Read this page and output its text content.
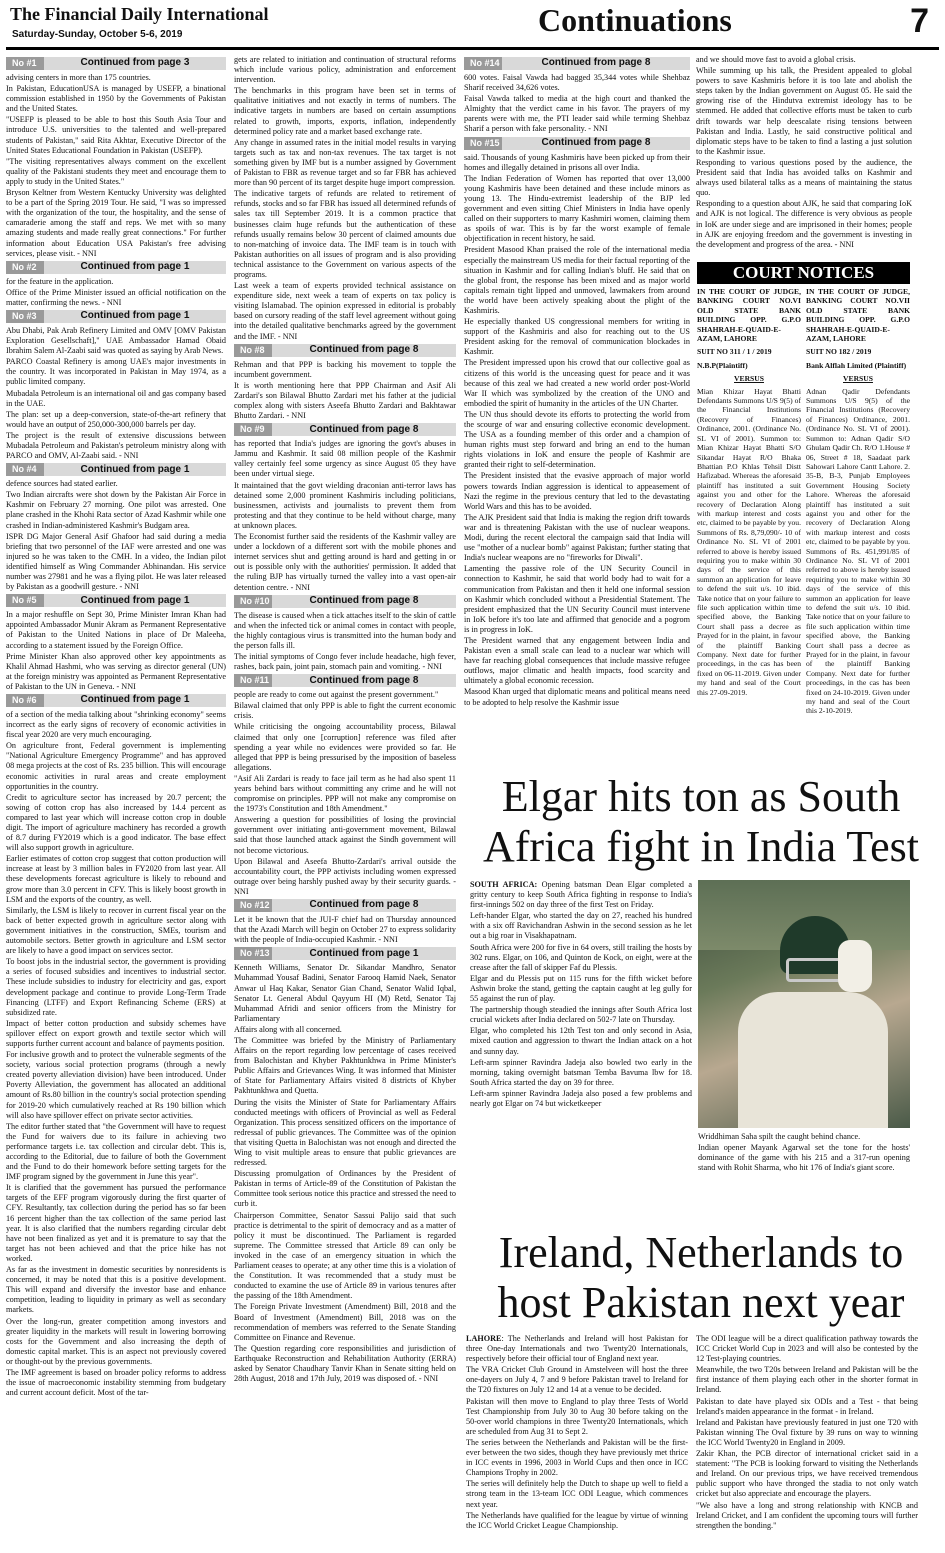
The Financial Daily International
Saturday-Sunday, October 5-6, 2019	Continuations	7
No #1	Continued from page 3

advising centers in more than 175 countries.

In Pakistan, EducationUSA is managed by USEFP, a binational commission established in 1950 by the Governments of Pakistan and the United States.

"USEFP is pleased to be able to host this South Asia Tour and introduce U.S. universities to the talented and well-prepared students of Pakistan," said Rita Akhtar, Executive Director of the United States Educational Foundation in Pakistan (USEFP).

"The visiting representatives always comment on the excellent quality of the Pakistani students they meet and encourage them to apply to study in the United States."

Bryson Keltner from Western Kentucky University was delighted to be a part of the Spring 2019 Tour. He said, "I was so impressed with the organization of the tour, the hospitality, and the sense of camaraderie among the staff and reps. We met with so many amazing students and made really great connections." For further information about Education USA Pakistan's free advising services, please visit. - NNI

No #2	Continued from page 1

for the feature in the application.

Office of the Prime Minister issued an official notification on the matter, confirming the news. - NNI

No #3	Continued from page 1

Abu Dhabi, Pak Arab Refinery Limited and OMV [OMV Pakistan Exploration Gesellschaft]," UAE Ambassador Hamad Obaid Ibrahim Salem Al-Zaabi said was quoted as saying by Arab News.

PARCO Coastal Refinery is among UAE's major investments in the country. It was incorporated in Pakistan in May 1974, as a public limited company.

Mubadala Petroleum is an international oil and gas company based in the UAE.

The plan: set up a deep-conversion, state-of-the-art refinery that would have an output of 250,000-300,000 barrels per day.

The project is the result of extensive discussions between Mubadala Petroleum and Pakistan's petroleum ministry along with PARCO and OMV, Al-Zaabi said. - NNI

No #4	Continued from page 1

defence sources had stated earlier.

Two Indian aircrafts were shot down by the Pakistan Air Force in Kashmir on February 27 morning. One pilot was arrested. One plane crashed in the Khohi Rata sector of Azad Kashmir while one crashed in Indian-administered Kashmir's Budgam area.

ISPR DG Major General Asif Ghafoor had said during a media briefing that two personnel of the IAF were arrested and one was injured so he was taken to the CMH. In a video, the Indian pilot identified himself as Wing Commander Abhinandan. His service number was 27981 and he was a flying pilot. He was later released by Pakistan as a goodwill gesture. - NNI

No #5	Continued from page 1

In a major reshuffle on Sept 30, Prime Minister Imran Khan had appointed Ambassador Munir Akram as Permanent Representative of Pakistan to the United Nations in place of Dr Maleeha, according to a statement issued by the Foreign Office.

Prime Minister Khan also approved other key appointments as Khalil Ahmad Hashmi, who was serving as director general (UN) at the foreign ministry was appointed as Permanent Representative of Pakistan to the UN in Geneva. - NNI

No #6	Continued from page 1

of a section of the media talking about "shrinking economy" seems incorrect as the early signs of recovery of economic activities in fiscal year 2020 are very much encouraging.

On agriculture front, Federal government is implementing "National Agriculture Emergency Programme" and has approved 08 mega projects at the cost of Rs. 235 billion. This will encourage economic activities in rural areas and create employment opportunities in the country.

Credit to agriculture sector has increased by 20.7 percent; the sowing of cotton crop has also increased by 14.4 percent as compared to last year which will increase cotton crop in double digit. The import of agriculture machinery has recorded a growth of 8.7 during FY2019 which is a good indicator. The base effect will also support growth in agriculture.

Earlier estimates of cotton crop suggest that cotton production will increase at least by 3 million bales in FY2020 from last year. All these developments forecast agriculture is likely to rebound and grow more than 3.0 percent in CFY. This is likely boost growth in LSM and the exports of the country, as well.

Similarly, the LSM is likely to recover in current fiscal year on the back of better expected growth in agriculture sector along with government initiatives in the construction, SMEs, tourism and automobile sectors. Better growth in agriculture and LSM sector are likely to have a good impact on services sector.

To boost jobs in the industrial sector, the government is providing a series of focused subsidies and incentives to industrial sector. These include subsidies to industry for electricity and gas, export development package and continue to provide Long-Term Trade Financing (LTFF) and Export Refinancing Scheme (ERS) at subsidized rate.

Impact of better cotton production and subsidy schemes have spillover effect on export growth and textile sector which will supports further current account and balance of payments position.

For inclusive growth and to protect the vulnerable segments of the society, various social protection programs (through a newly created poverty alleviation division) have been introduced. Under Poverty Alleviation, the government has allocated an additional amount of Rs.80 billion in the country's social protection spending for 2019-20 which cumulatively reached at Rs 190 billion which will also have spillover effect on private sector activities.

The editor further stated that "the Government will have to request the Fund for waivers due to its failure in achieving two performance targets i.e. tax collection and circular debt. This is, according to the Editorial, due to failure of both the Government and the Fund to do their homework before setting targets for the IMF program signed by the government in June this year".

It is clarified that the government has pursued the performance targets of the EFF program vigorously during the first quarter of CFY. Resultantly, tax collection during the period has so far been 16 percent higher than the tax collection of the same period last year. It is also clarified that the numbers regarding circular debt have not been finalized as yet and it is premature to say that the target has not been achieved and that the price hike has not worked.

As far as the investment in domestic securities by nonresidents is concerned, it may be noted that this is a positive development. This will expand and diversify the investor base and enhance competition, leading to liquidity in primary as well as secondary markets.

Over the long-run, greater competition among investors and greater liquidity in the markets will result in lowering borrowing costs for the Government and also increasing the depth of domestic capital market. This is an aspect not previously covered or thought-out by the previous governments.

The IMF agreement is based on broader policy reforms to address the issue of macroeconomic instability stemming from budgetary and current account deficit. Most of the tar-

gets are related to initiation and continuation of structural reforms which include various policy, administration and enforcement intervention.

The benchmarks in this program have been set in terms of qualitative initiatives and not exactly in terms of numbers. The indicative targets in numbers are based on certain assumptions related to growth, imports, exports, inflation, independently determined policy rate and a market based exchange rate.

Any change in assumed rates in the initial model results in varying targets such as tax and non-tax revenues. The tax target is not something given by IMF but is a number assigned by Government of Pakistan to FBR as revenue target and so far FBR has achieved more than 90 percent of its target despite huge import compression.

The indicative targets of refunds are related to retirement of refunds, stocks and so far FBR has issued all determined refunds of sales tax till September 2019. It is a common practice that businesses claim huge refunds but the authentication of these refunds usually remains below 30 percent of claimed amounts due to non-matching of invoice data. The IMF team is in touch with Pakistan authorities on all issues of program and is also providing technical assistance to the Government on various aspects of the programs.

Last week a team of experts provided technical assistance on expenditure side, next week a team of experts on tax policy is visiting Islamabad. The opinion expressed in editorial is probably based on cursory reading of the staff level agreement without going into the detailed qualitative benchmarks agreed by the government and the IMF. - NNI

No #8	Continued from page 8

Rehman and that PPP is backing his movement to topple the incumbent government.

It is worth mentioning here that PPP Chairman and Asif Ali Zardari's son Bilawal Bhutto Zardari met his father at the judicial complex along with sisters Aseefa Bhutto Zardari and Bakhtawar Bhutto Zardari. - NNI

No #9	Continued from page 8

has reported that India's judges are ignoring the govt's abuses in Jammu and Kashmir. It said 08 million people of the Kashmir valley certainly feel some urgency as since August 05 they have been under virtual siege.

It maintained that the govt wielding draconian anti-terror laws has detained some 2,000 prominent Kashmiris including politicians, businessmen, activists and journalists to prevent them from protesting and that they continue to be held without charge, many at unknown places.

The Economist further said the residents of the Kashmir valley are under a lockdown of a different sort with the mobile phones and internet services shut and getting around is hard and getting in or out is possible only with the authorities' permission. It added that the ruling BJP has virtually turned the valley into a vast open-air detention centre. - NNI

No #10	Continued from page 8

The disease is caused when a tick attaches itself to the skin of cattle and when the infected tick or animal comes in contact with people, the highly contagious virus is transmitted into the human body and the person falls ill.

The initial symptoms of Congo fever include headache, high fever, rashes, back pain, joint pain, stomach pain and vomiting. - NNI

No #11	Continued from page 8

people are ready to come out against the present government."

Bilawal claimed that only PPP is able to fight the current economic crisis.

While criticising the ongoing accountability process, Bilawal claimed that only one [corruption] reference was filed after spending a year while no evidences were provided so far. He alleged that PPP is being pressurised by the imposition of baseless allegations.

"Asif Ali Zardari is ready to face jail term as he had also spent 11 years behind bars without committing any crime and he will not compromise on principles. PPP will not make any compromise on the 1973's Constitution and 18th Amendment."

Answering a question for possibilities of losing the provincial government over initiating anti-government movement, Bilawal said that those launched attack against the Sindh government will not become victorious.

Upon Bilawal and Aseefa Bhutto-Zardari's arrival outside the accountability court, the PPP activists including women expressed outrage over being harshly pushed away by their security guards. - NNI

No #12	Continued from page 8

Let it be known that the JUI-F chief had on Thursday announced that the Azadi March will begin on October 27 to express solidarity with the people of India-occupied Kashmir. - NNI

No #13	Continued from page 1

Kenneth Williams, Senator Dr. Sikandar Mandhro, Senator Muhammad Yousaf Badini, Senator Farooq Hamid Naek, Senator Anwar ul Haq Kakar, Senator Gian Chand, Senator Walid Iqbal, Senator Lt. General Abdul Qayyum HI (M) Retd, Senator Taj Muhammad Afridi and senior officers from the Ministry for Parliamentary

Affairs along with all concerned.

The Committee was briefed by the Ministry of Parliamentary Affairs on the report regarding low percentage of cases received from Balochistan and Khyber Pakhtunkhwa in Prime Minister's Public Affairs and Grievances Wing. It was informed that Minister of State for Parliamentary Affairs visited 8 districts of Khyber Pakhtunkhwa and Quetta.

During the visits the Minister of State for Parliamentary Affairs conducted meetings with officers of Provincial as well as Federal Organization. This process sensitized officers on the importance of redressal of public grievances. The Committee was of the opinion that visiting Quetta in Balochistan was not enough and directed the Wing to visit multiple areas to ensure that public grievances are redressed.

Discussing promulgation of Ordinances by the President of Pakistan in terms of Article-89 of the Constitution of Pakistan the Committee took serious notice this practice and stressed the need to curb it.

Chairperson Committee, Senator Sassui Palijo said that such practice is detrimental to the spirit of democracy and as a matter of policy it must be discontinued. The Parliament is regarded supreme. The Committee stressed that Article 89 can only be invoked in the case of an emergency situation in which the Parliament ceases to operate; at any other time this is a violation of the Constitution. It was recommended that a study must be conducted to examine the use of Article 89 in various tenures after the passing of the 18th Amendment.

The Foreign Private Investment (Amendment) Bill, 2018 and the Board of Investment (Amendment) Bill, 2018 was on the recommendation of members was referred to the Senate Standing Committee on Finance and Revenue.

The Question regarding core responsibilities and jurisdiction of Earthquake Reconstruction and Rehabilitation Authority (ERRA) asked by Senator Chaudhary Tanvir Khan in Senate sitting held on 28th August, 2018 and 17th July, 2019 was disposed of. - NNI

No #14	Continued from page 8

600 votes. Faisal Vawda had bagged 35,344 votes while Shehbaz Sharif received 34,626 votes.

Faisal Vawda talked to media at the high court and thanked the Almighty that the verdict came in his favor. The prayers of my parents were with me, the PTI leader said while terming Shehbaz Sharif a person with fake personality. - NNI

No #15	Continued from page 8

said. Thousands of young Kashmiris have been picked up from their homes and illegally detained in prisons all over India.

The Indian Federation of Women has reported that over 13,000 young Kashmiris have been detained and these include minors as young 13. The Hindu-extremist leadership of the BJP led government and even sitting Chief Ministers in India have openly called on their supporters to marry Kashmiri women, claiming them as spoils of war. This is by far the worst example of female objectification in recent history, he said.

President Masood Khan praised the role of the international media especially the mainstream US media for their factual reporting of the situation in Kashmir and for calling Indian's bluff. He said that on the global front, the response has been mixed and as major world capitals remain tight lipped and unmoved, lawmakers from around the world have been actively speaking about the plight of the Kashmiris.

He especially thanked US congressional members for writing in support of the Kashmiris and also for reaching out to the US President asking for the removal of communication blockades in Kashmir.

The President impressed upon his crowd that our collective goal as citizens of this world is the unceasing quest for peace and it was because of this zeal we had created a new world order post-World War II which was symbolized by the creation of the UNO and embodied the spirit of humanity in the articles of the UN Charter.

The UN thus should devote its efforts to protecting the world from the scourge of war and ensuring collective economic development. The USA as a founding member of this order and a champion of human rights must step forward and bring an end to the human rights violations in IoK and ensure the people of Kashmir are granted their right to self-determination.

The President insisted that the evasive approach of major world powers towards Indian aggression is identical to appeasement of Nazi the regime in the previous century that led to the devastating World Wars and this has to be avoided.

The AJK President said that India is making the region drift towards war and is threatening Pakistan with the use of nuclear weapons. Modi, during the recent electoral the campaign said that India will use "mother of a nuclear bomb" against Pakistan; further stating that India's nuclear weapons are no "fireworks for Diwali".

Lamenting the passive role of the UN Security Council in connection to Kashmir, he said that world body had to wait for a communication from Pakistan and then it held one informal session on Kashmir which concluded without a Presidential Statement. The president emphasized that the UN Security Council must intervene in IoK before it's too late and affirmed that genocide and a pogrom is in progress in IoK.

The President warned that any engagement between India and Pakistan even a small scale can lead to a nuclear war which will have far reaching global consequences that include massive refugee outflows, major climatic and health impacts, food scarcity and ultimately a global economic recession.

Masood Khan urged that diplomatic means and political means need to be adopted to help resolve the Kashmir issue

and we should move fast to avoid a global crisis.

While summing up his talk, the President appealed to global powers to save Kashmiris before it is too late and abolish the steps taken by the Indian government on August 05. He said the growing rise of the Hindutva extremist ideology has to be stemmed. He added that collective efforts must be taken to curb drift towards war help deescalate rising tensions between Pakistan and India. Lastly, he said constructive political and diplomatic steps have to be taken to find a lasting a just solution to the Kashmir issue.

Responding to various questions posed by the audience, the President said that India has avoided talks on Kashmir and always used bilateral talks as a means of maintaining the status quo.

Responding to a question about AJK, he said that comparing IoK and AJK is not logical. The difference is very obvious as people in IoK are under siege and are imprisoned in their homes; people in AJK are enjoying freedom and the government is investing in the development and progress of the area. - NNI

COURT NOTICES
IN THE COURT OF JUDGE, BANKING COURT NO.VI OLD STATE BANK BUILDING OPP. G.P.O SHAHRAH-E-QUAID-E-AZAM, LAHORE
SUIT NO 311 / 1 / 2019
N.B.P(Plaintiff)
VERSUS
Mian Khizar Hayat Bhatti Defendants Summons U/S 9(5) of the Financial Institutions (Recovery of Finances) Ordinance, 2001. (Ordinance No. SL VI of 2001). Summon to: Mian Khizar Hayat Bhatti S/O Sikandar Hayat R/O Bhaka Bhattian P.O Khlas Tehsil Distt Hafizabad. Whereas the aforesaid plaintiff has instituted a suit against you and other for the recovery of Declaration Along with markup interest and costs etc, claimed to be payable by you. Summons of Rs. 8,79,090/- 10 of Ordinance No. SL VI of 2001 referred to above is hereby issued requiring you to make within 30 days of the service of this summon an application for leave to defend the suit u/s. 10 ibid. Take notice that on your failure to file such application within time specified above, the Banking Court shall pass a decree as Prayed for in the plaint, in favour of the plaintiff Banking Company. Next date for further proceedings, in the cas has been fixed on 06-11-2019. Given under my hand and seal of the Court this 27-09-2019.
IN THE COURT OF JUDGE, BANKING COURT NO.VII OLD STATE BANK BUILDING OPP. G.P.O SHAHRAH-E-QUAID-E-AZAM, LAHORE
SUIT NO 182 / 2019
Bank Alflah Limited (Plaintiff)
VERSUS
Adnan Qadir Defendants Summons U/S 9(5) of the Financial Institutions (Recovery of Finances) Ordinance, 2001. (Ordinance No. SL VI of 2001). Summon to: Adnan Qadir S/O Ghulam Qadir Ch. R/O 1.House # 06, Street # 18, Saadaat park Sahowari Lahore Cantt Lahore. 2. 35-B, B-3, Punjab Employees Government Housing Society Lahore. Whereas the aforesaid plaintiff has instituted a suit against you and other for the recovery of Declaration Along with markup interest and costs etc, claimed to be payable by you. Summons of Rs. 451,991/85 of Ordinance No. SL VI of 2001 referred to above is hereby issued requiring you to make within 30 days of the service of this summon an application for leave to defend the suit u/s. 10 ibid. Take notice that on your failure to file such application within time specified above, the Banking Court shall pass a decree as Prayed for in the plaint, in favour of the plaintiff Banking Company. Next date for further proceedings, in the cas has been fixed on 24-10-2019. Given under my hand and seal of the Court this 2-10-2019.
Elgar hits ton as South Africa fight in India Test

SOUTH AFRICA: Opening batsman Dean Elgar completed a gritty century to keep South Africa fighting in response to India's first-innings 502 on day three of the first Test on Friday.

Left-hander Elgar, who started the day on 27, reached his hundred with a six off Ravichandran Ashwin in the second session as he let out a big roar in Visakhapatnam.

South Africa were 200 for five in 64 overs, still trailing the hosts by 302 runs. Elgar, on 106, and Quinton de Kock, on eight, were at the crease after the fall of skipper Faf du Plessis.

Elgar and du Plessis put on 115 runs for the fifth wicket before Ashwin broke the stand, getting the captain caught at leg gully for 55 against the run of play.

The partnership though steadied the innings after South Africa lost crucial wickets after India declared on 502-7 late on Thursday.

Elgar, who completed his 12th Test ton and only second in Asia, mixed caution and aggression to thwart the Indian attack on a hot and sunny day.

Left-arm spinner Ravindra Jadeja also bowled two early in the morning, taking overnight batsman Temba Bavuma lbw for 18. South Africa started the day on 39 for three.

Left-arm spinner Ravindra Jadeja also posed a few problems and nearly got Elgar on 74 but wicketkeeper

Wriddhiman Saha spilt the caught behind chance.

Indian opener Mayank Agarwal set the tone for the hosts' dominance of the game with his 215 and a 317-run opening stand with Rohit Sharma, who hit 176 of India's giant score.

Ireland, Netherlands to host Pakistan next year

LAHORE: The Netherlands and Ireland will host Pakistan for three One-day Internationals and two Twenty20 Internationals, respectively before their official tour of England next year.

The VRA Cricket Club Ground in Amstelveen will host the three one-dayers on July 4, 7 and 9 before Pakistan travel to Ireland for the T20 fixtures on July 12 and 14 at a venue to be decided.

Pakistan will then move to England to play three Tests of World Test Championship from July 30 to Aug 30 before taking on the 50-over world champions in three Twenty20 Internationals, which are scheduled from Aug 31 to Sept 2.

The series between the Netherlands and Pakistan will be the first-ever between the two sides, though they have previously met thrice in ICC events in 1996, 2003 in World Cups and then once in ICC Champions Trophy in 2002.

The series will definitely help the Dutch to shape up well to field a strong team in the 13-team ICC ODI League, which commences next year.

The Netherlands have qualified for the league by virtue of winning the ICC World Cricket League Championship.

The ODI league will be a direct qualification pathway towards the ICC Cricket World Cup in 2023 and will also be contested by the 12 Test-playing countries.

Meanwhile, the two T20s between Ireland and Pakistan will be the first instance of them playing each other in the shorter format in Ireland.

Pakistan to date have played six ODIs and a Test - that being Ireland's maiden appearance in the format - in Ireland.

Ireland and Pakistan have previously featured in just one T20 with Pakistan winning The Oval fixture by 39 runs on way to winning the ICC World Twenty20 in England in 2009.

Zakir Khan, the PCB director of international cricket said in a statement: "The PCB is looking forward to visiting the Netherlands and Ireland. On our previous trips, we have received tremendous public support who have thronged the stadia to not only watch cricket but also appreciate and encourage the players.

"We also have a long and strong relationship with KNCB and Ireland Cricket, and I am confident the upcoming tours will further strengthen the bonding."
